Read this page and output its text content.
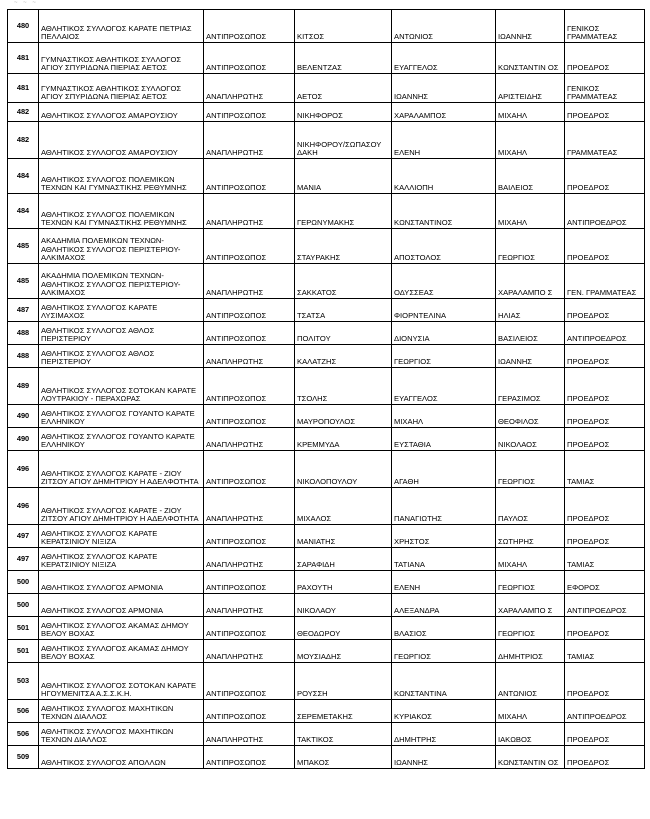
~ ~ ~
480	ΑΘΛΗΤΙΚΟΣ ΣΥΛΛΟΓΟΣ ΚΑΡΑΤΕ ΠΕΤΡΙΑΣ ΠΕΛΛΑΙΟΣ	ΑΝΤΙΠΡΟΣΩΠΟΣ	ΚΙΤΣΟΣ	ΑΝΤΩΝΙΟΣ	ΙΩΑΝΝΗΣ	ΓΕΝΙΚΟΣ ΓΡΑΜΜΑΤΕΑΣ
481	ΓΥΜΝΑΣΤΙΚΟΣ ΑΘΛΗΤΙΚΟΣ ΣΥΛΛΟΓΟΣ ΑΓΙΟΥ ΣΠΥΡΙΔΩΝΑ ΠΙΕΡΙΑΣ ΑΕΤΟΣ	ΑΝΤΙΠΡΟΣΩΠΟΣ	ΒΕΛΕΝΤΖΑΣ	ΕΥΑΓΓΕΛΟΣ	ΚΩΝΣΤΑΝΤΙΝ ΟΣ	ΠΡΟΕΔΡΟΣ
481	ΓΥΜΝΑΣΤΙΚΟΣ ΑΘΛΗΤΙΚΟΣ ΣΥΛΛΟΓΟΣ ΑΓΙΟΥ ΣΠΥΡΙΔΩΝΑ ΠΙΕΡΙΑΣ ΑΕΤΟΣ	ΑΝΑΠΛΗΡΩΤΗΣ	ΑΕΤΟΣ	ΙΩΑΝΝΗΣ	ΑΡΙΣΤΕΙΔΗΣ	ΓΕΝΙΚΟΣ ΓΡΑΜΜΑΤΕΑΣ
482	ΑΘΛΗΤΙΚΟΣ ΣΥΛΛΟΓΟΣ ΑΜΑΡΟΥΣΙΟΥ	ΑΝΤΙΠΡΟΣΩΠΟΣ	ΝΙΚΗΦΟΡΟΣ	ΧΑΡΑΛΑΜΠΟΣ	ΜΙΧΑΗΛ	ΠΡΟΕΔΡΟΣ
482	ΑΘΛΗΤΙΚΟΣ ΣΥΛΛΟΓΟΣ ΑΜΑΡΟΥΣΙΟΥ	ΑΝΑΠΛΗΡΩΤΗΣ	ΝΙΚΗΦΟΡΟΥ/ΣΩΠΑΣΟΥ ΔΑΚΗ	ΕΛΕΝΗ	ΜΙΧΑΗΛ	ΓΡΑΜΜΑΤΕΑΣ
484	ΑΘΛΗΤΙΚΟΣ ΣΥΛΛΟΓΟΣ ΠΟΛΕΜΙΚΩΝ ΤΕΧΝΩΝ ΚΑΙ ΓΥΜΝΑΣΤΙΚΗΣ ΡΕΘΥΜΝΗΣ	ΑΝΤΙΠΡΟΣΩΠΟΣ	ΜΑΝΙΑ	ΚΑΛΛΙΟΠΗ	ΒΑΙΛΕΙΟΣ	ΠΡΟΕΔΡΟΣ
484	ΑΘΛΗΤΙΚΟΣ ΣΥΛΛΟΓΟΣ ΠΟΛΕΜΙΚΩΝ ΤΕΧΝΩΝ ΚΑΙ ΓΥΜΝΑΣΤΙΚΗΣ ΡΕΘΥΜΝΗΣ	ΑΝΑΠΛΗΡΩΤΗΣ	ΓΕΡΩΝΥΜΑΚΗΣ	ΚΩΝΣΤΑΝΤΙΝΟΣ	ΜΙΧΑΗΛ	ΑΝΤΙΠΡΟΕΔΡΟΣ
485	ΑΚΑΔΗΜΙΑ ΠΟΛΕΜΙΚΩΝ ΤΕΧΝΩΝ-ΑΘΛΗΤΙΚΟΣ ΣΥΛΛΟΓΟΣ ΠΕΡΙΣΤΕΡΙΟΥ-ΑΛΚΙΜΑΧΟΣ	ΑΝΤΙΠΡΟΣΩΠΟΣ	ΣΤΑΥΡΑΚΗΣ	ΑΠΟΣΤΟΛΟΣ	ΓΕΩΡΓΙΟΣ	ΠΡΟΕΔΡΟΣ
485	ΑΚΑΔΗΜΙΑ ΠΟΛΕΜΙΚΩΝ ΤΕΧΝΩΝ-ΑΘΛΗΤΙΚΟΣ ΣΥΛΛΟΓΟΣ ΠΕΡΙΣΤΕΡΙΟΥ-ΑΛΚΙΜΑΧΟΣ	ΑΝΑΠΛΗΡΩΤΗΣ	ΣΑΚΚΑΤΟΣ	ΟΔΥΣΣΕΑΣ	ΧΑΡΑΛΑΜΠΟ Σ	ΓΕΝ. ΓΡΑΜΜΑΤΕΑΣ
487	ΑΘΛΗΤΙΚΟΣ ΣΥΛΛΟΓΟΣ ΚΑΡΑΤΕ ΛΥΣΙΜΑΧΟΣ	ΑΝΤΙΠΡΟΣΩΠΟΣ	ΤΣΑΤΣΑ	ΦΙΟΡΝΤΕΛΙΝΑ	ΗΛΙΑΣ	ΠΡΟΕΔΡΟΣ
488	ΑΘΛΗΤΙΚΟΣ ΣΥΛΛΟΓΟΣ ΑΘΛΟΣ ΠΕΡΙΣΤΕΡΙΟΥ	ΑΝΤΙΠΡΟΣΩΠΟΣ	ΠΟΛΙΤΟΥ	ΔΙΟΝΥΣΙΑ	ΒΑΣΙΛΕΙΟΣ	ΑΝΤΙΠΡΟΕΔΡΟΣ
488	ΑΘΛΗΤΙΚΟΣ ΣΥΛΛΟΓΟΣ ΑΘΛΟΣ ΠΕΡΙΣΤΕΡΙΟΥ	ΑΝΑΠΛΗΡΩΤΗΣ	ΚΑΛΑΤΖΗΣ	ΓΕΩΡΓΙΟΣ	ΙΩΑΝΝΗΣ	ΠΡΟΕΔΡΟΣ
489	ΑΘΛΗΤΙΚΟΣ ΣΥΛΛΟΓΟΣ ΣΟΤΟΚΑΝ ΚΑΡΑΤΕ ΛΟΥΤΡΑΚΙΟΥ - ΠΕΡΑΧΩΡΑΣ	ΑΝΤΙΠΡΟΣΩΠΟΣ	ΤΣΟΛΗΣ	ΕΥΑΓΓΕΛΟΣ	ΓΕΡΑΣΙΜΟΣ	ΠΡΟΕΔΡΟΣ
490	ΑΘΛΗΤΙΚΟΣ ΣΥΛΛΟΓΟΣ ΓΟΥΑΝΤΟ ΚΑΡΑΤΕ ΕΛΛΗΝΙΚΟΥ	ΑΝΤΙΠΡΟΣΩΠΟΣ	ΜΑΥΡΟΠΟΥΛΟΣ	ΜΙΧΑΗΛ	ΘΕΟΦΙΛΟΣ	ΠΡΟΕΔΡΟΣ
490	ΑΘΛΗΤΙΚΟΣ ΣΥΛΛΟΓΟΣ ΓΟΥΑΝΤΟ ΚΑΡΑΤΕ ΕΛΛΗΝΙΚΟΥ	ΑΝΑΠΛΗΡΩΤΗΣ	ΚΡΕΜΜΥΔΑ	ΕΥΣΤΑΘΙΑ	ΝΙΚΟΛΑΟΣ	ΠΡΟΕΔΡΟΣ
496	ΑΘΛΗΤΙΚΟΣ ΣΥΛΛΟΓΟΣ ΚΑΡΑΤΕ - ΖΙΟΥ ΖΙΤΣΟΥ ΑΓΙΟΥ ΔΗΜΗΤΡΙΟΥ Η ΑΔΕΛΦΟΤΗΤΑ	ΑΝΤΙΠΡΟΣΩΠΟΣ	ΝΙΚΟΛΟΠΟΥΛΟΥ	ΑΓΑΘΗ	ΓΕΩΡΓΙΟΣ	ΤΑΜΙΑΣ
496	ΑΘΛΗΤΙΚΟΣ ΣΥΛΛΟΓΟΣ ΚΑΡΑΤΕ - ΖΙΟΥ ΖΙΤΣΟΥ ΑΓΙΟΥ ΔΗΜΗΤΡΙΟΥ Η ΑΔΕΛΦΟΤΗΤΑ	ΑΝΑΠΛΗΡΩΤΗΣ	ΜΙΧΑΛΟΣ	ΠΑΝΑΓΙΩΤΗΣ	ΠΑΥΛΟΣ	ΠΡΟΕΔΡΟΣ
497	ΑΘΛΗΤΙΚΟΣ ΣΥΛΛΟΓΟΣ ΚΑΡΑΤΕ ΚΕΡΑΤΣΙΝΙΟΥ ΝΙΞΙΖΑ	ΑΝΤΙΠΡΟΣΩΠΟΣ	ΜΑΝΙΑΤΗΣ	ΧΡΗΣΤΟΣ	ΣΩΤΗΡΗΣ	ΠΡΟΕΔΡΟΣ
497	ΑΘΛΗΤΙΚΟΣ ΣΥΛΛΟΓΟΣ ΚΑΡΑΤΕ ΚΕΡΑΤΣΙΝΙΟΥ ΝΙΞΙΖΑ	ΑΝΑΠΛΗΡΩΤΗΣ	ΣΑΡΑΦΙΔΗ	ΤΑΤΙΑΝΑ	ΜΙΧΑΗΛ	ΤΑΜΙΑΣ
500	ΑΘΛΗΤΙΚΟΣ ΣΥΛΛΟΓΟΣ ΑΡΜΟΝΙΑ	ΑΝΤΙΠΡΟΣΩΠΟΣ	ΡΑΧΟΥΤΗ	ΕΛΕΝΗ	ΓΕΩΡΓΙΟΣ	ΕΦΟΡΟΣ
500	ΑΘΛΗΤΙΚΟΣ ΣΥΛΛΟΓΟΣ ΑΡΜΟΝΙΑ	ΑΝΑΠΛΗΡΩΤΗΣ	ΝΙΚΟΛΑΟΥ	ΑΛΕΞΑΝΔΡΑ	ΧΑΡΑΛΑΜΠΟ Σ	ΑΝΤΙΠΡΟΕΔΡΟΣ
501	ΑΘΛΗΤΙΚΟΣ ΣΥΛΛΟΓΟΣ ΑΚΑΜΑΣ ΔΗΜΟΥ ΒΕΛΟΥ ΒΟΧΑΣ	ΑΝΤΙΠΡΟΣΩΠΟΣ	ΘΕΟΔΩΡΟΥ	ΒΛΑΣΙΟΣ	ΓΕΩΡΓΙΟΣ	ΠΡΟΕΔΡΟΣ
501	ΑΘΛΗΤΙΚΟΣ ΣΥΛΛΟΓΟΣ ΑΚΑΜΑΣ ΔΗΜΟΥ ΒΕΛΟΥ ΒΟΧΑΣ	ΑΝΑΠΛΗΡΩΤΗΣ	ΜΟΥΣΙΑΔΗΣ	ΓΕΩΡΓΙΟΣ	ΔΗΜΗΤΡΙΟΣ	ΤΑΜΙΑΣ
503	ΑΘΛΗΤΙΚΟΣ ΣΥΛΛΟΓΟΣ ΣΟΤΟΚΑΝ ΚΑΡΑΤΕ ΗΓΟΥΜΕΝΙΤΣΑ Α.Σ.Σ.Κ.Η.	ΑΝΤΙΠΡΟΣΩΠΟΣ	ΡΟΥΣΣΗ	ΚΩΝΣΤΑΝΤΙΝΑ	ΑΝΤΩΝΙΟΣ	ΠΡΟΕΔΡΟΣ
506	ΑΘΛΗΤΙΚΟΣ ΣΥΛΛΟΓΟΣ ΜΑΧΗΤΙΚΩΝ ΤΕΧΝΩΝ ΔΙΑΛΛΟΣ	ΑΝΤΙΠΡΟΣΩΠΟΣ	ΣΕΡΕΜΕΤΑΚΗΣ	ΚΥΡΙΑΚΟΣ	ΜΙΧΑΗΛ	ΑΝΤΙΠΡΟΕΔΡΟΣ
506	ΑΘΛΗΤΙΚΟΣ ΣΥΛΛΟΓΟΣ ΜΑΧΗΤΙΚΩΝ ΤΕΧΝΩΝ ΔΙΑΛΛΟΣ	ΑΝΑΠΛΗΡΩΤΗΣ	ΤΑΚΤΙΚΟΣ	ΔΗΜΗΤΡΗΣ	ΙΑΚΩΒΟΣ	ΠΡΟΕΔΡΟΣ
509	ΑΘΛΗΤΙΚΟΣ ΣΥΛΛΟΓΟΣ ΑΠΟΛΛΩΝ	ΑΝΤΙΠΡΟΣΩΠΟΣ	ΜΠΑΚΟΣ	ΙΩΑΝΝΗΣ	ΚΩΝΣΤΑΝΤΙΝ ΟΣ	ΠΡΟΕΔΡΟΣ
